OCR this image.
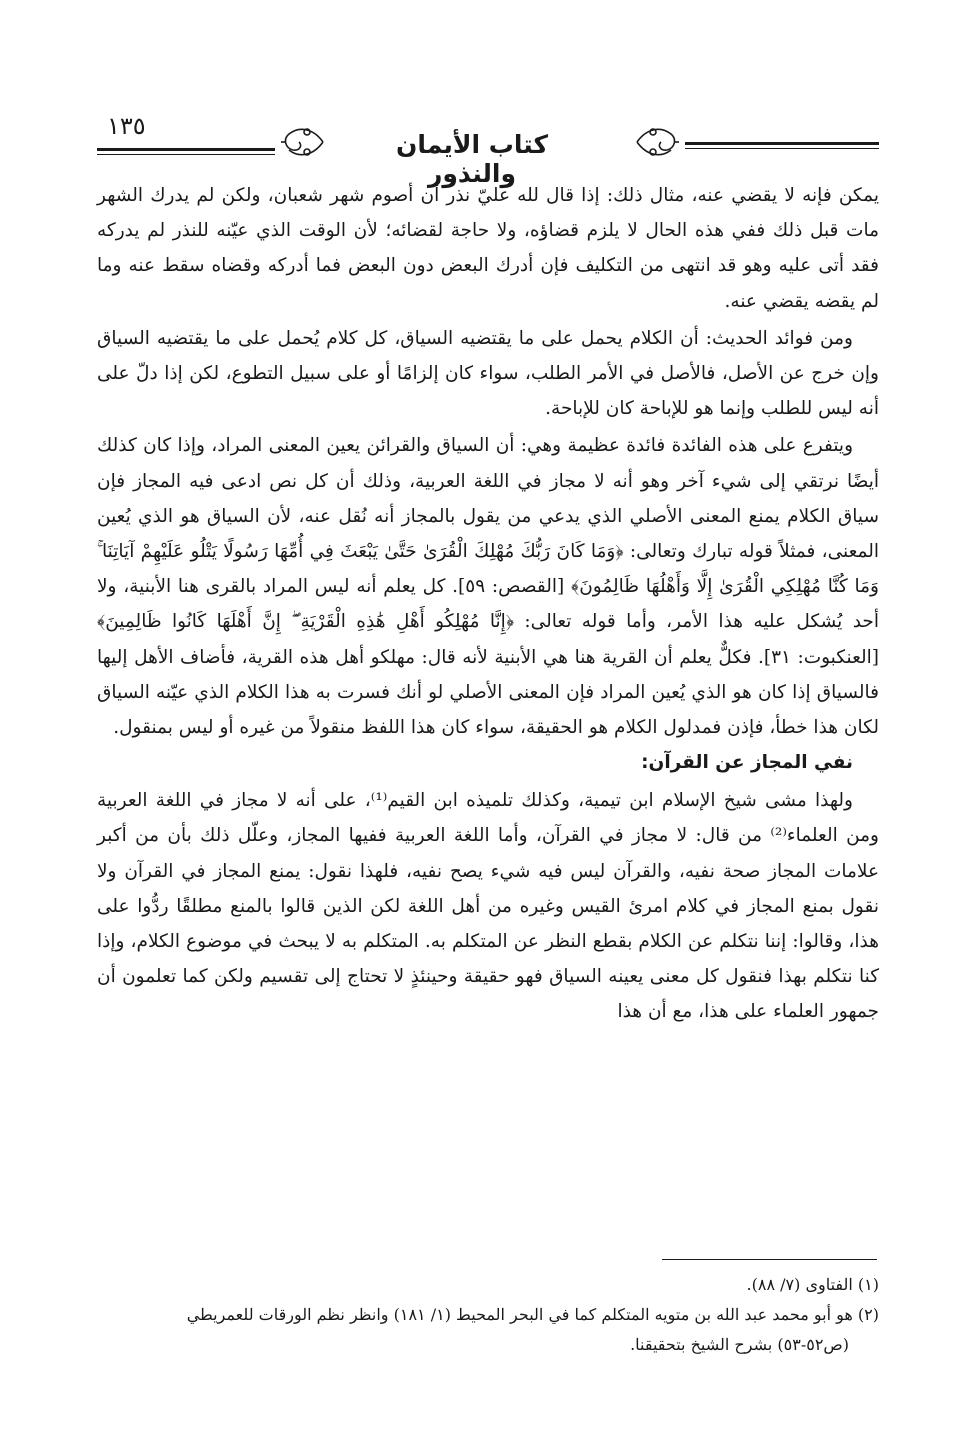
١٣٥
كتاب الأيمان والنذور

يمكن فإنه لا يقضي عنه، مثال ذلك: إذا قال لله عليّ نذر أن أصوم شهر شعبان، ولكن لم يدرك الشهر مات قبل ذلك ففي هذه الحال لا يلزم قضاؤه، ولا حاجة لقضائه؛ لأن الوقت الذي عيّنه للنذر لم يدركه فقد أتى عليه وهو قد انتهى من التكليف فإن أدرك البعض دون البعض فما أدركه وقضاه سقط عنه وما لم يقضه يقضي عنه.

ومن فوائد الحديث: أن الكلام يحمل على ما يقتضيه السياق، كل كلام يُحمل على ما يقتضيه السياق وإن خرج عن الأصل، فالأصل في الأمر الطلب، سواء كان إلزامًا أو على سبيل التطوع، لكن إذا دلّ على أنه ليس للطلب وإنما هو للإباحة كان للإباحة.

ويتفرع على هذه الفائدة فائدة عظيمة وهي: أن السياق والقرائن يعين المعنى المراد، وإذا كان كذلك أيضًا نرتقي إلى شيء آخر وهو أنه لا مجاز في اللغة العربية، وذلك أن كل نص ادعى فيه المجاز فإن سياق الكلام يمنع المعنى الأصلي الذي يدعي من يقول بالمجاز أنه نُقل عنه، لأن السياق هو الذي يُعين المعنى، فمثلاً قوله تبارك وتعالى: ﴿وَمَا كَانَ رَبُّكَ مُهْلِكَ الْقُرَىٰ حَتَّىٰ يَبْعَثَ فِي أُمِّهَا رَسُولًا يَتْلُو عَلَيْهِمْ آيَاتِنَا ۚ وَمَا كُنَّا مُهْلِكِي الْقُرَىٰ إِلَّا وَأَهْلُهَا ظَالِمُونَ﴾ [القصص: ٥٩]. كل يعلم أنه ليس المراد بالقرى هنا الأبنية، ولا أحد يُشكل عليه هذا الأمر، وأما قوله تعالى: ﴿إِنَّا مُهْلِكُو أَهْلِ هَٰذِهِ الْقَرْيَةِ ۖ إِنَّ أَهْلَهَا كَانُوا ظَالِمِينَ﴾ [العنكبوت: ٣١]. فكلٌّ يعلم أن القرية هنا هي الأبنية لأنه قال: مهلكو أهل هذه القرية، فأضاف الأهل إليها فالسياق إذا كان هو الذي يُعين المراد فإن المعنى الأصلي لو أنك فسرت به هذا الكلام الذي عيّنه السياق لكان هذا خطأ، فإذن فمدلول الكلام هو الحقيقة، سواء كان هذا اللفظ منقولاً من غيره أو ليس بمنقول.

نفي المجاز عن القرآن:

ولهذا مشى شيخ الإسلام ابن تيمية، وكذلك تلميذه ابن القيم⁽¹⁾، على أنه لا مجاز في اللغة العربية ومن العلماء⁽²⁾ من قال: لا مجاز في القرآن، وأما اللغة العربية ففيها المجاز، وعلّل ذلك بأن من أكبر علامات المجاز صحة نفيه، والقرآن ليس فيه شيء يصح نفيه، فلهذا نقول: يمنع المجاز في القرآن ولا نقول بمنع المجاز في كلام امرئ القيس وغيره من أهل اللغة لكن الذين قالوا بالمنع مطلقًا ردُّوا على هذا، وقالوا: إننا نتكلم عن الكلام بقطع النظر عن المتكلم به. المتكلم به لا يبحث في موضوع الكلام، وإذا كنا نتكلم بهذا فنقول كل معنى يعينه السياق فهو حقيقة وحينئذٍ لا تحتاج إلى تقسيم ولكن كما تعلمون أن جمهور العلماء على هذا، مع أن هذا

(١) الفتاوى (٧/ ٨٨).

(٢) هو أبو محمد عبد الله بن متويه المتكلم كما في البحر المحيط (١/ ١٨١) وانظر نظم الورقات للعمريطي

(ص٥٢-٥٣) بشرح الشيخ بتحقيقنا.
